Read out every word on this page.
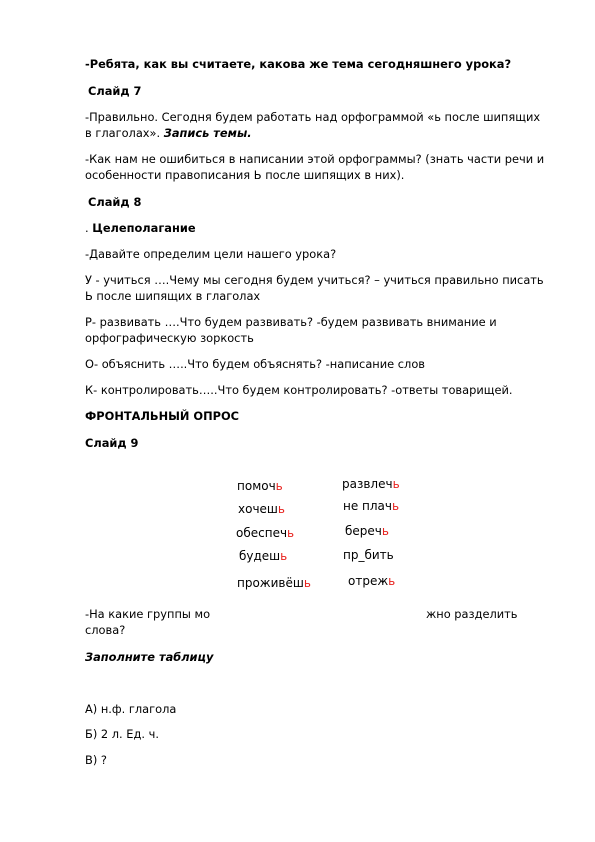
-Ребята, как вы считаете, какова же тема сегодняшнего урока?
Слайд 7
-Правильно. Сегодня будем работать над орфограммой «ь после шипящих в глаголах». Запись темы.
-Как нам не ошибиться в написании этой орфограммы? (знать части речи и особенности правописания Ь после шипящих в них).
Слайд 8
. Целеполагание
-Давайте определим цели нашего урока?
У - учиться ….Чему мы сегодня будем учиться? – учиться правильно писать Ь после шипящих в глаголах
Р- развивать ….Что будем развивать? -будем развивать внимание и орфографическую зоркость
О- объяснить …..Что будем объяснять? -написание слов
К- контролировать…..Что будем контролировать? -ответы товарищей.
ФРОНТАЛЬНЫЙ ОПРОС
Слайд 9
помочь
хочешь
обеспечь
будешь
проживёшь
развлечь
не плачь
беречь
пр_бить
отрежь
-На какие группы мо	жно разделить
слова?
Заполните таблицу
А) н.ф. глагола
Б) 2 л. Ед. ч.
В) ?
